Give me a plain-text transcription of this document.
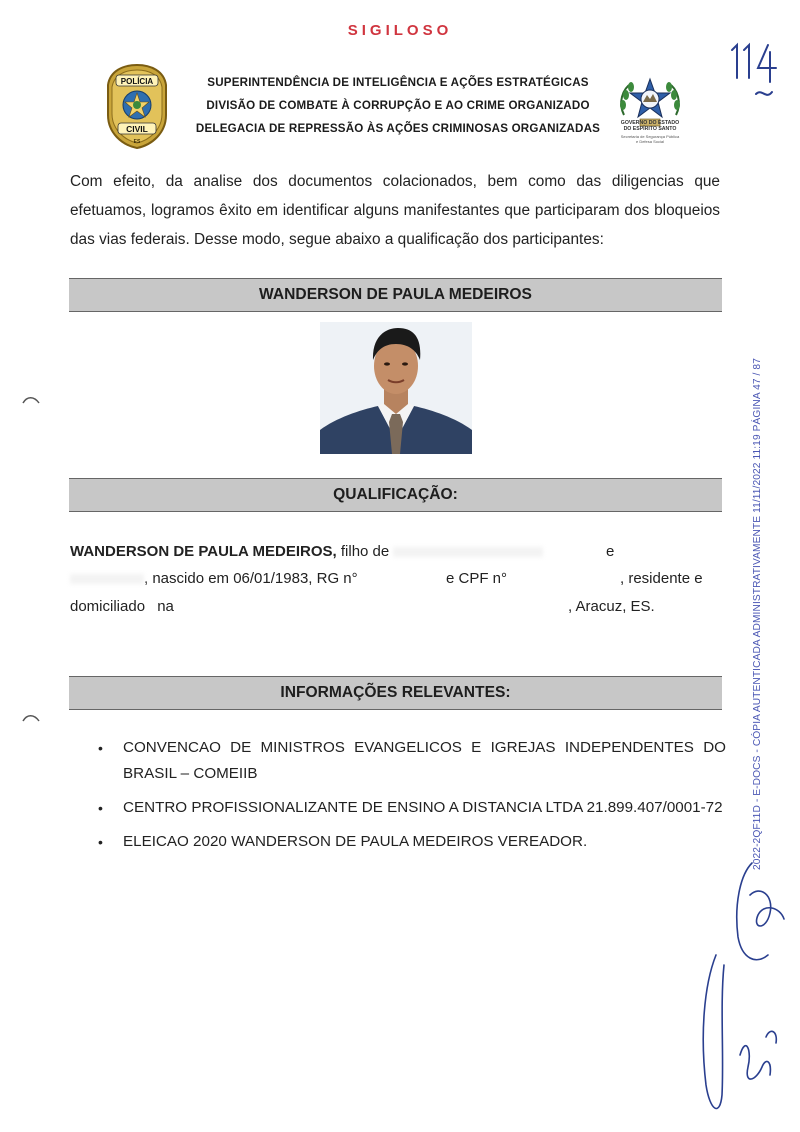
SIGILOSO
POLÍCIA
CIVIL
ES
SUPERINTENDÊNCIA DE INTELIGÊNCIA E AÇÕES ESTRATÉGICAS
DIVISÃO DE COMBATE À CORRUPÇÃO E AO CRIME ORGANIZADO
DELEGACIA DE REPRESSÃO ÀS AÇÕES CRIMINOSAS ORGANIZADAS	GOVERNO DO ESTADO
DO ESPÍRITO SANTO
Secretaria de Segurança Pública
e Defesa Social
Com efeito, da analise dos documentos colacionados, bem como das diligencias que efetuamos, logramos êxito em identificar alguns manifestantes que participaram dos bloqueios das vias federais. Desse modo, segue abaixo a qualificação dos participantes:
WANDERSON DE PAULA MEDEIROS
QUALIFICAÇÃO:
WANDERSON DE PAULA MEDEIROS, filho de	e
, nascido em 06/01/1983, RG n°	e CPF n°	, residente e
domiciliado na	, Aracuz, ES.
INFORMAÇÕES RELEVANTES:
• CONVENCAO DE MINISTROS EVANGELICOS E IGREJAS INDEPENDENTES DO BRASIL – COMEIIB
• CENTRO PROFISSIONALIZANTE DE ENSINO A DISTANCIA LTDA 21.899.407/0001-72
• ELEICAO 2020 WANDERSON DE PAULA MEDEIROS VEREADOR.	2022-2QF11D - E-DOCS - CÓPIA AUTENTICADA ADMINISTRATIVAMENTE 11/11/2022 11:19 PÁGINA 47 / 87
